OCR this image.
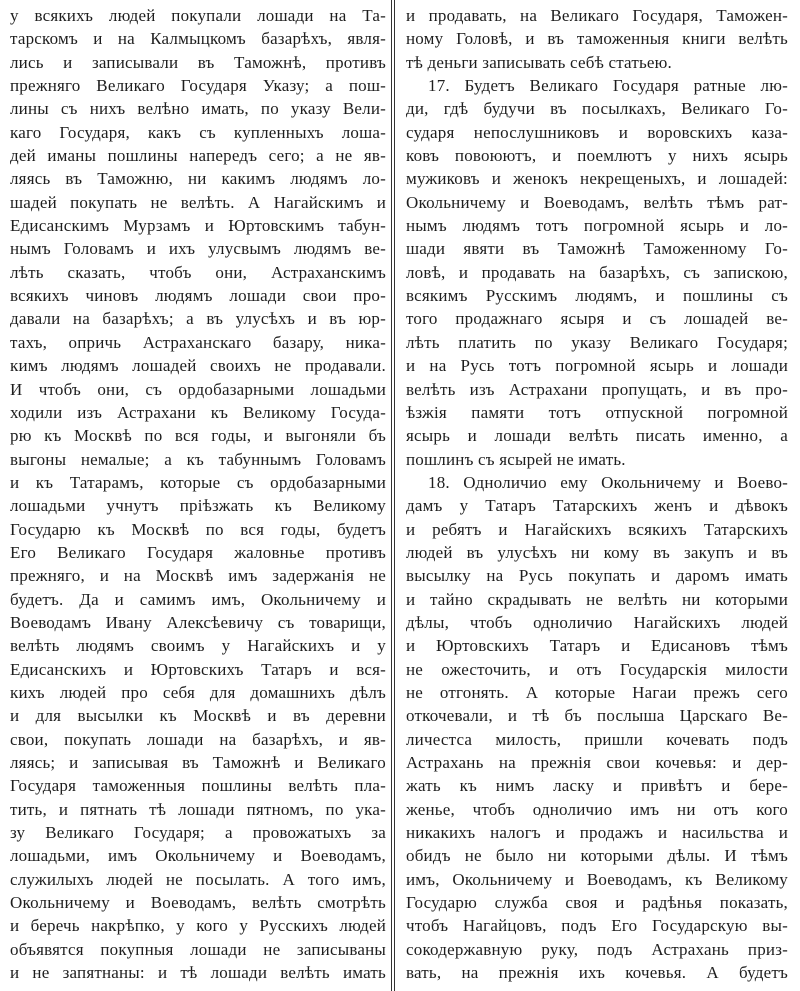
у всякихъ людей покупали лошади на Та-
тарскомъ и на Калмыцкомъ базарѣхъ, явля-
лись и записывали въ Таможнѣ, противъ
прежняго Великаго Государя Указу; а пош-
лины съ нихъ велѣно имать, по указу Вели-
каго Государя, какъ съ купленныхъ лоша-
дей иманы пошлины напередъ сего; а не яв-
ляясь въ Таможню, ни какимъ людямъ ло-
шадей покупать не велѣть. А Нагайскимъ и
Едисанскимъ Мурзамъ и Юртовскимъ табун-
нымъ Головамъ и ихъ улусвымъ людямъ ве-
лѣть сказать, чтобъ они, Астраханскимъ
всякихъ чиновъ людямъ лошади свои про-
давали на базарѣхъ; а въ улусѣхъ и въ юр-
тахъ, опричь Астраханскаго базару, ника-
кимъ людямъ лошадей своихъ не продавали.
И чтобъ они, съ ордобазарными лошадьми
ходили изъ Астрахани къ Великому Госуда-
рю къ Москвѣ по вся годы, и выгоняли бъ
выгоны немалые; а къ табуннымъ Головамъ
и къ Татарамъ, которые съ ордобазарными
лошадьми учнутъ пріѣзжать къ Великому
Государю къ Москвѣ по вся годы, будетъ
Его Великаго Государя жаловнье противъ
прежняго, и на Москвѣ имъ задержанія не
будетъ. Да и самимъ имъ, Окольничему и
Воеводамъ Ивану Алексѣевичу съ товарищи,
велѣть людямъ своимъ у Нагайскихъ и у
Едисанскихъ и Юртовскихъ Татаръ и вся-
кихъ людей про себя для домашнихъ дѣлъ
и для высылки къ Москвѣ и въ деревни
свои, покупать лошади на базарѣхъ, и яв-
ляясь; и записывая въ Таможнѣ и Великаго
Государя таможенныя пошлины велѣть пла-
тить, и пятнать тѣ лошади пятномъ, по ука-
зу Великаго Государя; а провожатыхъ за
лошадьми, имъ Окольничему и Воеводамъ,
служилыхъ людей не посылать. А того имъ,
Окольничему и Воеводамъ, велѣть смотрѣть
и беречь накрѣпко, у кого у Русскихъ людей
объявятся покупныя лошади не записываны
и не запятнаны: и тѣ лошади велѣть имать
и продавать, на Великаго Государя, Таможен-
ному Головѣ, и въ таможенныя книги велѣть
тѣ деньги записывать себѣ статьею.
17. Будетъ Великаго Государя ратные лю-
ди, гдѣ будучи въ посылкахъ, Великаго Го-
сударя непослушниковъ и воровскихъ каза-
ковъ повоюютъ, и поемлютъ у нихъ ясырь
мужиковъ и женокъ некрещеныхъ, и лошадей:
Окольничему и Воеводамъ, велѣть тѣмъ рат-
нымъ людямъ тотъ погромной ясырь и ло-
шади явяти въ Таможнѣ Таможенному Го-
ловѣ, и продавать на базарѣхъ, съ запискою,
всякимъ Русскимъ людямъ, и пошлины съ
того продажнаго ясыря и съ лошадей ве-
лѣть платить по указу Великаго Государя;
и на Русь тотъ погромной ясырь и лошади
велѣть изъ Астрахани пропущать, и въ про-
ѣзжія памяти тотъ отпускной погромной
ясырь и лошади велѣть писать именно, а
пошлинъ съ ясырей не имать.
18. Одноличио ему Окольничему и Воево-
дамъ у Татаръ Татарскихъ женъ и дѣвокъ
и ребятъ и Нагайскихъ всякихъ Татарскихъ
людей въ улусѣхъ ни кому въ закупъ и въ
высылку на Русь покупать и даромъ имать
и тайно скрадывать не велѣть ни которыми
дѣлы, чтобъ одноличио Нагайскихъ людей
и Юртовскихъ Татаръ и Едисановъ тѣмъ
не ожесточить, и отъ Государскія милости
не отгонять. А которые Нагаи прежъ сего
откочевали, и тѣ бъ послыша Царскаго Ве-
личестса милость, пришли кочевать подъ
Астрахань на прежнія свои кочевья: и дер-
жать къ нимъ ласку и привѣтъ и бере-
женье, чтобъ одноличио имъ ни отъ кого
никакихъ налогъ и продажъ и насильства и
обидъ не было ни которыми дѣлы. И тѣмъ
имъ, Окольничему и Воеводамъ, къ Великому
Государю служба своя и радѣнья показать,
чтобъ Нагайцовъ, подъ Его Государскую вы-
сокодержавную руку, подъ Астрахань приз-
вать, на прежнія ихъ кочевья. А будетъ
